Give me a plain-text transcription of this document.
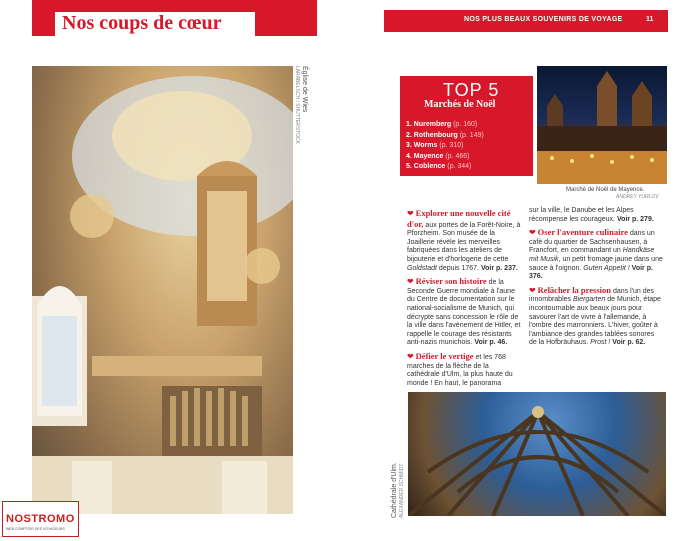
Nos coups de cœur
Église de Wies
LARABELSCH / SHUTTERSTOCK
NOS PLUS BEAUX SOUVENIRS DE VOYAGE	11
TOP 5
Marchés de Noël
1. Nuremberg (p. 160)
2. Rothenbourg (p. 149)
3. Worms (p. 310)
4. Mayence (p. 466)
5. Coblence (p. 344)
Marché de Noël de Mayence.
ANDREY YURLOV

❤ Explorer une nouvelle cité d'or, aux portes de la Forêt-Noire, à Pforzheim. Son musée de la Joaillerie révèle les merveilles fabriquées dans les ateliers de bijouterie et d'horlogerie de cette Goldstadt depuis 1767. Voir p. 237.

❤ Réviser son histoire de la Seconde Guerre mondiale à l'aune du Centre de documentation sur le national-socialisme de Munich, qui décrypte sans concession le rôle de la ville dans l'avènement de Hitler, et rappelle le courage des résistants anti-nazis munichois. Voir p. 46.

❤ Défier le vertige et les 768 marches de la flèche de la cathédrale d'Ulm, la plus haute du monde ! En haut, le panorama

sur la ville, le Danube et les Alpes récompense les courageux. Voir p. 279.

❤ Oser l'aventure culinaire dans un café du quartier de Sachsenhausen, à Francfort, en commandant un Handkäse mit Musik, un petit fromage jaune dans une sauce à l'oignon. Guten Appetit ! Voir p. 376.

❤ Relâcher la pression dans l'un des innombrables Biergarten de Munich, étape incontournable aux beaux jours pour savourer l'art de vivre à l'allemande, à l'ombre des marronniers. L'hiver, goûter à l'ambiance des grandes tablées sonores de la Hofbräuhaus. Prost ! Voir p. 62.

Cathédrale d'Ulm. ALEXANDER SCHMIDT
NOSTROMO
WEB COMPTOIR DES VOYAGEURS
